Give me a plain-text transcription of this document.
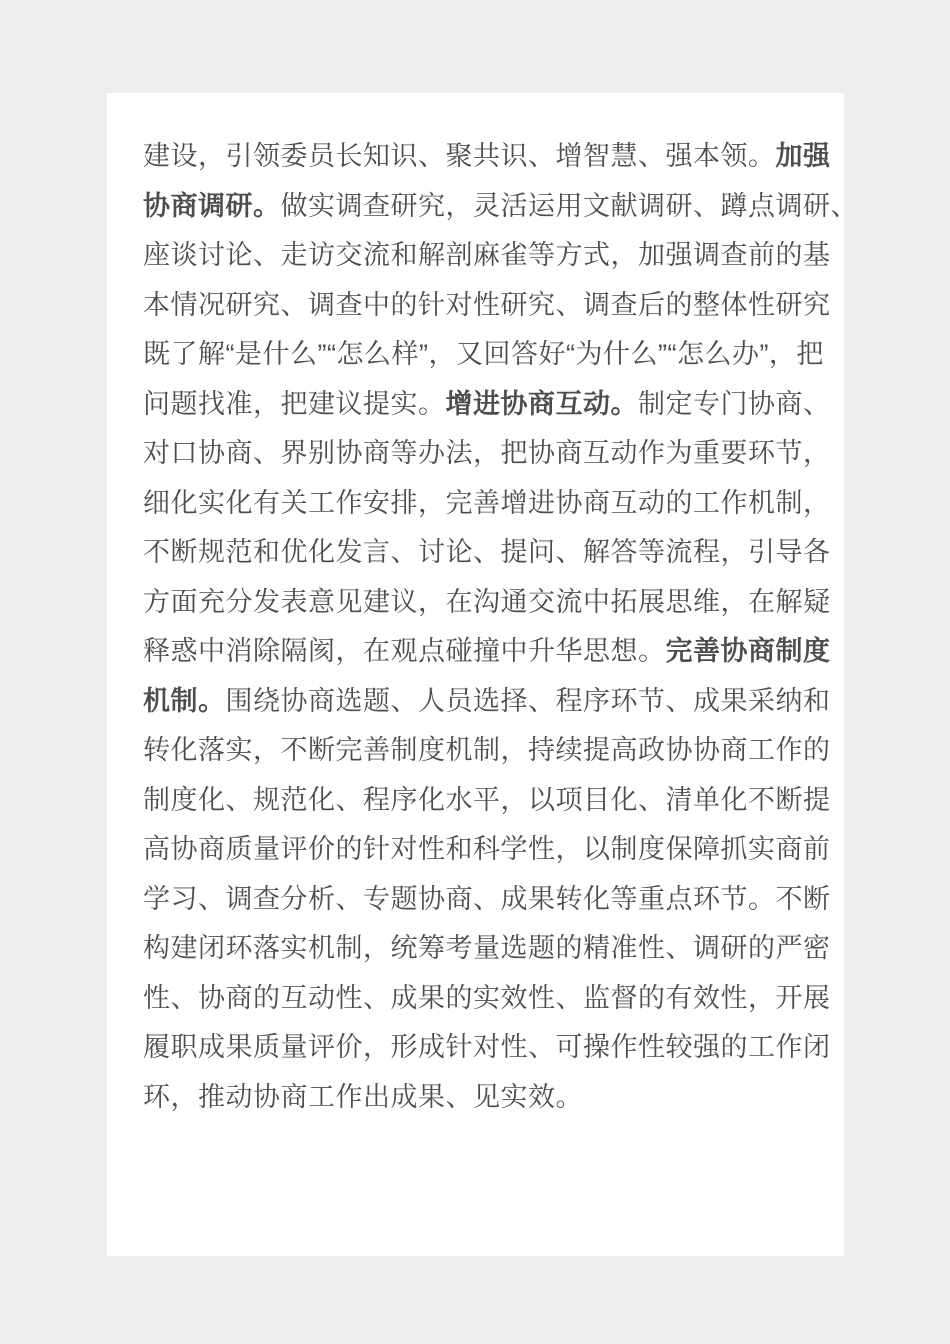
建设，引领委员长知识、聚共识、增智慧、强本领。加强
协商调研。做实调查研究，灵活运用文献调研、蹲点调研、
座谈讨论、走访交流和解剖麻雀等方式，加强调查前的基
本情况研究、调查中的针对性研究、调查后的整体性研究
既了解“是什么”“怎么样”，又回答好“为什么”“怎么办”，把
问题找准，把建议提实。增进协商互动。制定专门协商、
对口协商、界别协商等办法，把协商互动作为重要环节，
细化实化有关工作安排，完善增进协商互动的工作机制，
不断规范和优化发言、讨论、提问、解答等流程，引导各
方面充分发表意见建议，在沟通交流中拓展思维，在解疑
释惑中消除隔阂，在观点碰撞中升华思想。完善协商制度
机制。围绕协商选题、人员选择、程序环节、成果采纳和
转化落实，不断完善制度机制，持续提高政协协商工作的
制度化、规范化、程序化水平，以项目化、清单化不断提
高协商质量评价的针对性和科学性，以制度保障抓实商前
学习、调查分析、专题协商、成果转化等重点环节。不断
构建闭环落实机制，统筹考量选题的精准性、调研的严密
性、协商的互动性、成果的实效性、监督的有效性，开展
履职成果质量评价，形成针对性、可操作性较强的工作闭
环，推动协商工作出成果、见实效。
